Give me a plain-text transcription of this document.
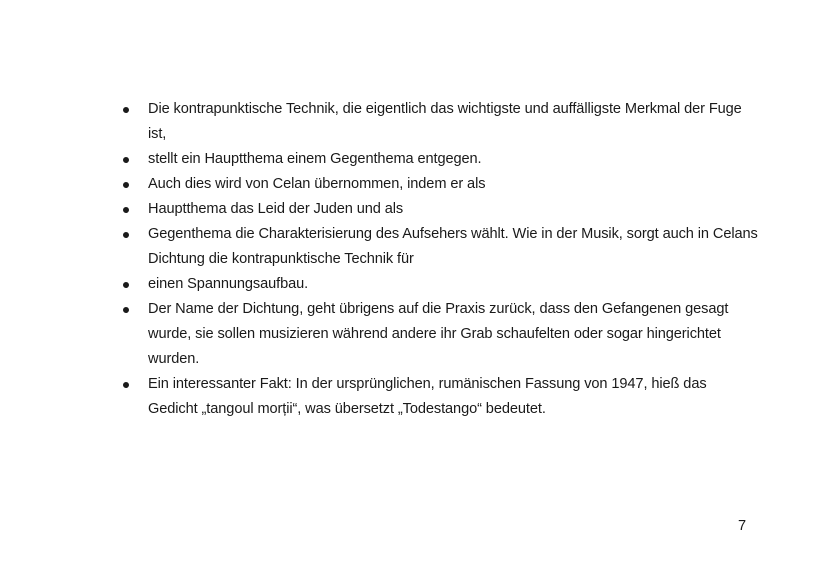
Die kontrapunktische Technik, die eigentlich das wichtigste und auffälligste Merkmal der Fuge ist,
stellt ein Hauptthema einem Gegenthema entgegen.
Auch dies wird von Celan übernommen, indem er als
Hauptthema das Leid der Juden und als
Gegenthema die Charakterisierung des Aufsehers wählt. Wie in der Musik, sorgt auch in Celans Dichtung die kontrapunktische Technik für
einen Spannungsaufbau.
Der Name der Dichtung, geht übrigens auf die Praxis zurück, dass den Gefangenen gesagt wurde, sie sollen musizieren während andere ihr Grab schaufelten oder sogar hingerichtet wurden.
Ein interessanter Fakt: In der ursprünglichen, rumänischen Fassung von 1947, hieß das Gedicht „tangoul morții“, was übersetzt „Todestango“ bedeutet.
7
